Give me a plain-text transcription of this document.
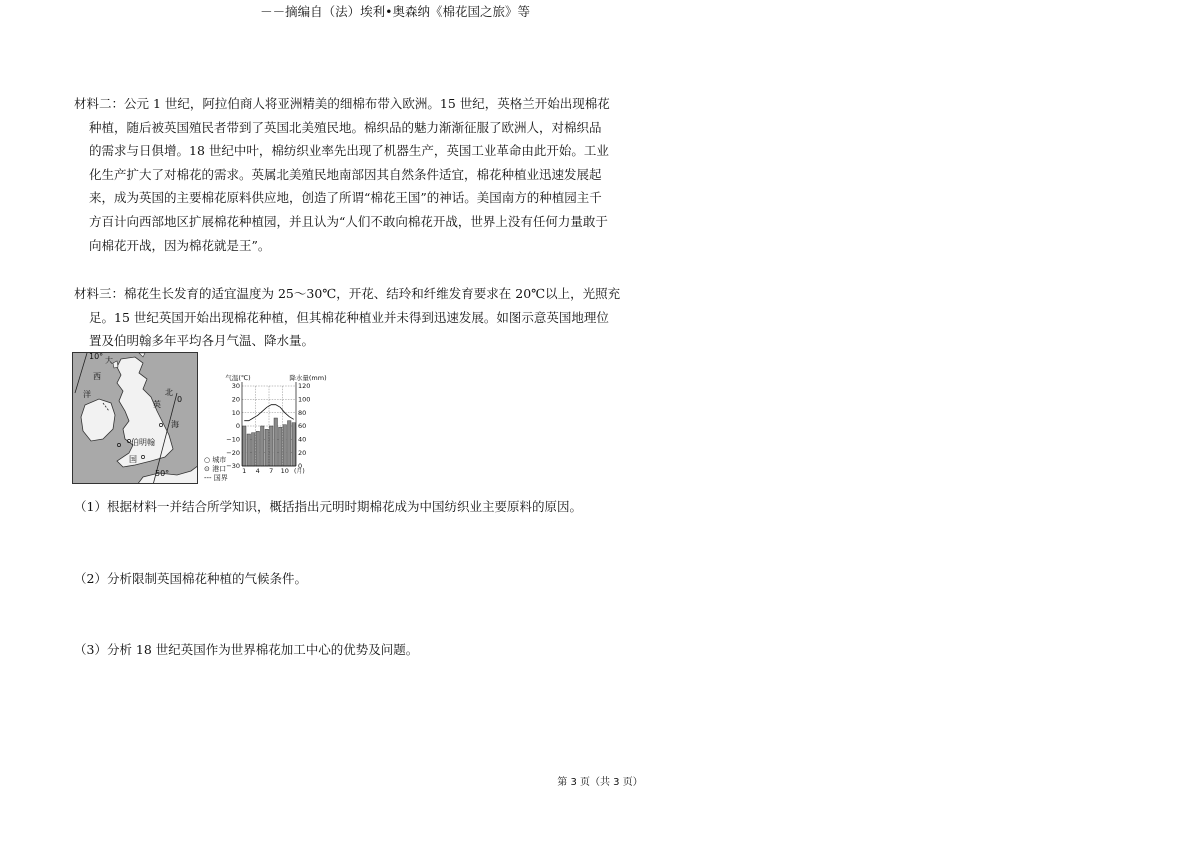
材料二：公元 1 世纪，阿拉伯商人将亚洲精美的细棉布带入欧洲。15 世纪，英格兰开始出现棉花
种植，随后被英国殖民者带到了英国北美殖民地。棉织品的魅力渐渐征服了欧洲人，对棉织品
的需求与日俱增。18 世纪中叶，棉纺织业率先出现了机器生产，英国工业革命由此开始。工业
化生产扩大了对棉花的需求。英属北美殖民地南部因其自然条件适宜，棉花种植业迅速发展起
来，成为英国的主要棉花原料供应地，创造了所谓“棉花王国”的神话。美国南方的种植园主千
方百计向西部地区扩展棉花种植园，并且认为“人们不敢向棉花开战，世界上没有任何力量敢于
向棉花开战，因为棉花就是王”。
－－摘编自（法）埃利•奥森纳《棉花国之旅》等
材料三：棉花生长发育的适宜温度为 25～30℃，开花、结玲和纤维发育要求在 20℃以上，光照充
足。15 世纪英国开始出现棉花种植，但其棉花种植业并未得到迅速发展。如图示意英国地理位
置及伯明翰多年平均各月气温、降水量。
10° 大
西
洋	北
英
海
0
伯明翰
国
50°
○ 城市
⊙ 港口
--- 国界
气温(℃)	降水量(mm)
30
20
10
0
−10
−20
−30
120
100
80
60
40
20
0
1 4 7 10 (月)
（1）根据材料一并结合所学知识，概括指出元明时期棉花成为中国纺织业主要原料的原因。
（2）分析限制英国棉花种植的气候条件。
（3）分析 18 世纪英国作为世界棉花加工中心的优势及问题。
第 3 页（共 3 页）
